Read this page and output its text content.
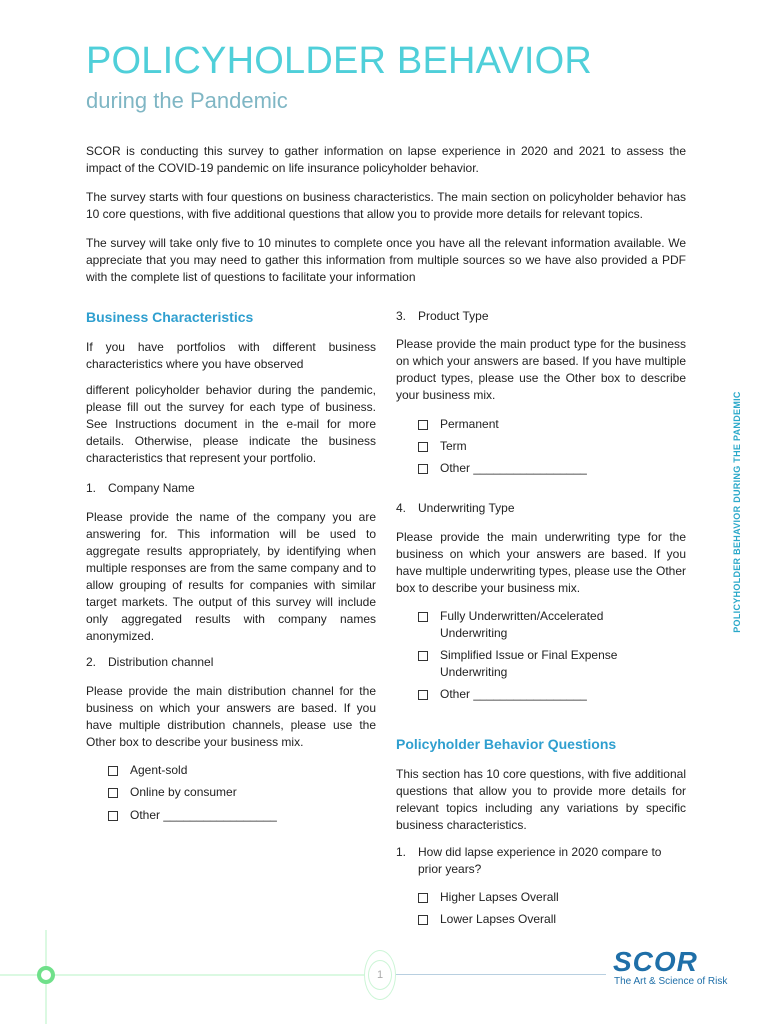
POLICYHOLDER BEHAVIOR
during the Pandemic

SCOR is conducting this survey to gather information on lapse experience in 2020 and 2021 to assess the impact of the COVID-19 pandemic on life insurance policyholder behavior.

The survey starts with four questions on business characteristics. The main section on policyholder behavior has 10 core questions, with five additional questions that allow you to provide more details for relevant topics.

The survey will take only five to 10 minutes to complete once you have all the relevant information available. We appreciate that you may need to gather this information from multiple sources so we have also provided a PDF with the complete list of questions to facilitate your information

Business Characteristics
If you have portfolios with different business characteristics where you have observed
different policyholder behavior during the pandemic, please fill out the survey for each type of business. See Instructions document in the e-mail for more details. Otherwise, please indicate the business characteristics that represent your portfolio.
1. Company Name
Please provide the name of the company you are answering for. This information will be used to aggregate results appropriately, by identifying when multiple responses are from the same company and to allow grouping of results for companies with similar target markets. The output of this survey will include only aggregated results with company names anonymized.
2. Distribution channel
Please provide the main distribution channel for the business on which your answers are based. If you have multiple distribution channels, please use the Other box to describe your business mix.
Agent-sold
Online by consumer
Other _________________
3. Product Type
Please provide the main product type for the business on which your answers are based. If you have multiple product types, please use the Other box to describe your business mix.
Permanent
Term
Other _________________
4. Underwriting Type
Please provide the main underwriting type for the business on which your answers are based. If you have multiple underwriting types, please use the Other box to describe your business mix.
Fully Underwritten/Accelerated Underwriting
Simplified Issue or Final Expense Underwriting
Other _________________
Policyholder Behavior Questions
This section has 10 core questions, with five additional questions that allow you to provide more details for relevant topics including any variations by specific business characteristics.
1. How did lapse experience in 2020 compare to prior years?
Higher Lapses Overall
Lower Lapses Overall
POLICYHOLDER BEHAVIOR DURING THE PANDEMIC
1	SCOR
The Art & Science of Risk
